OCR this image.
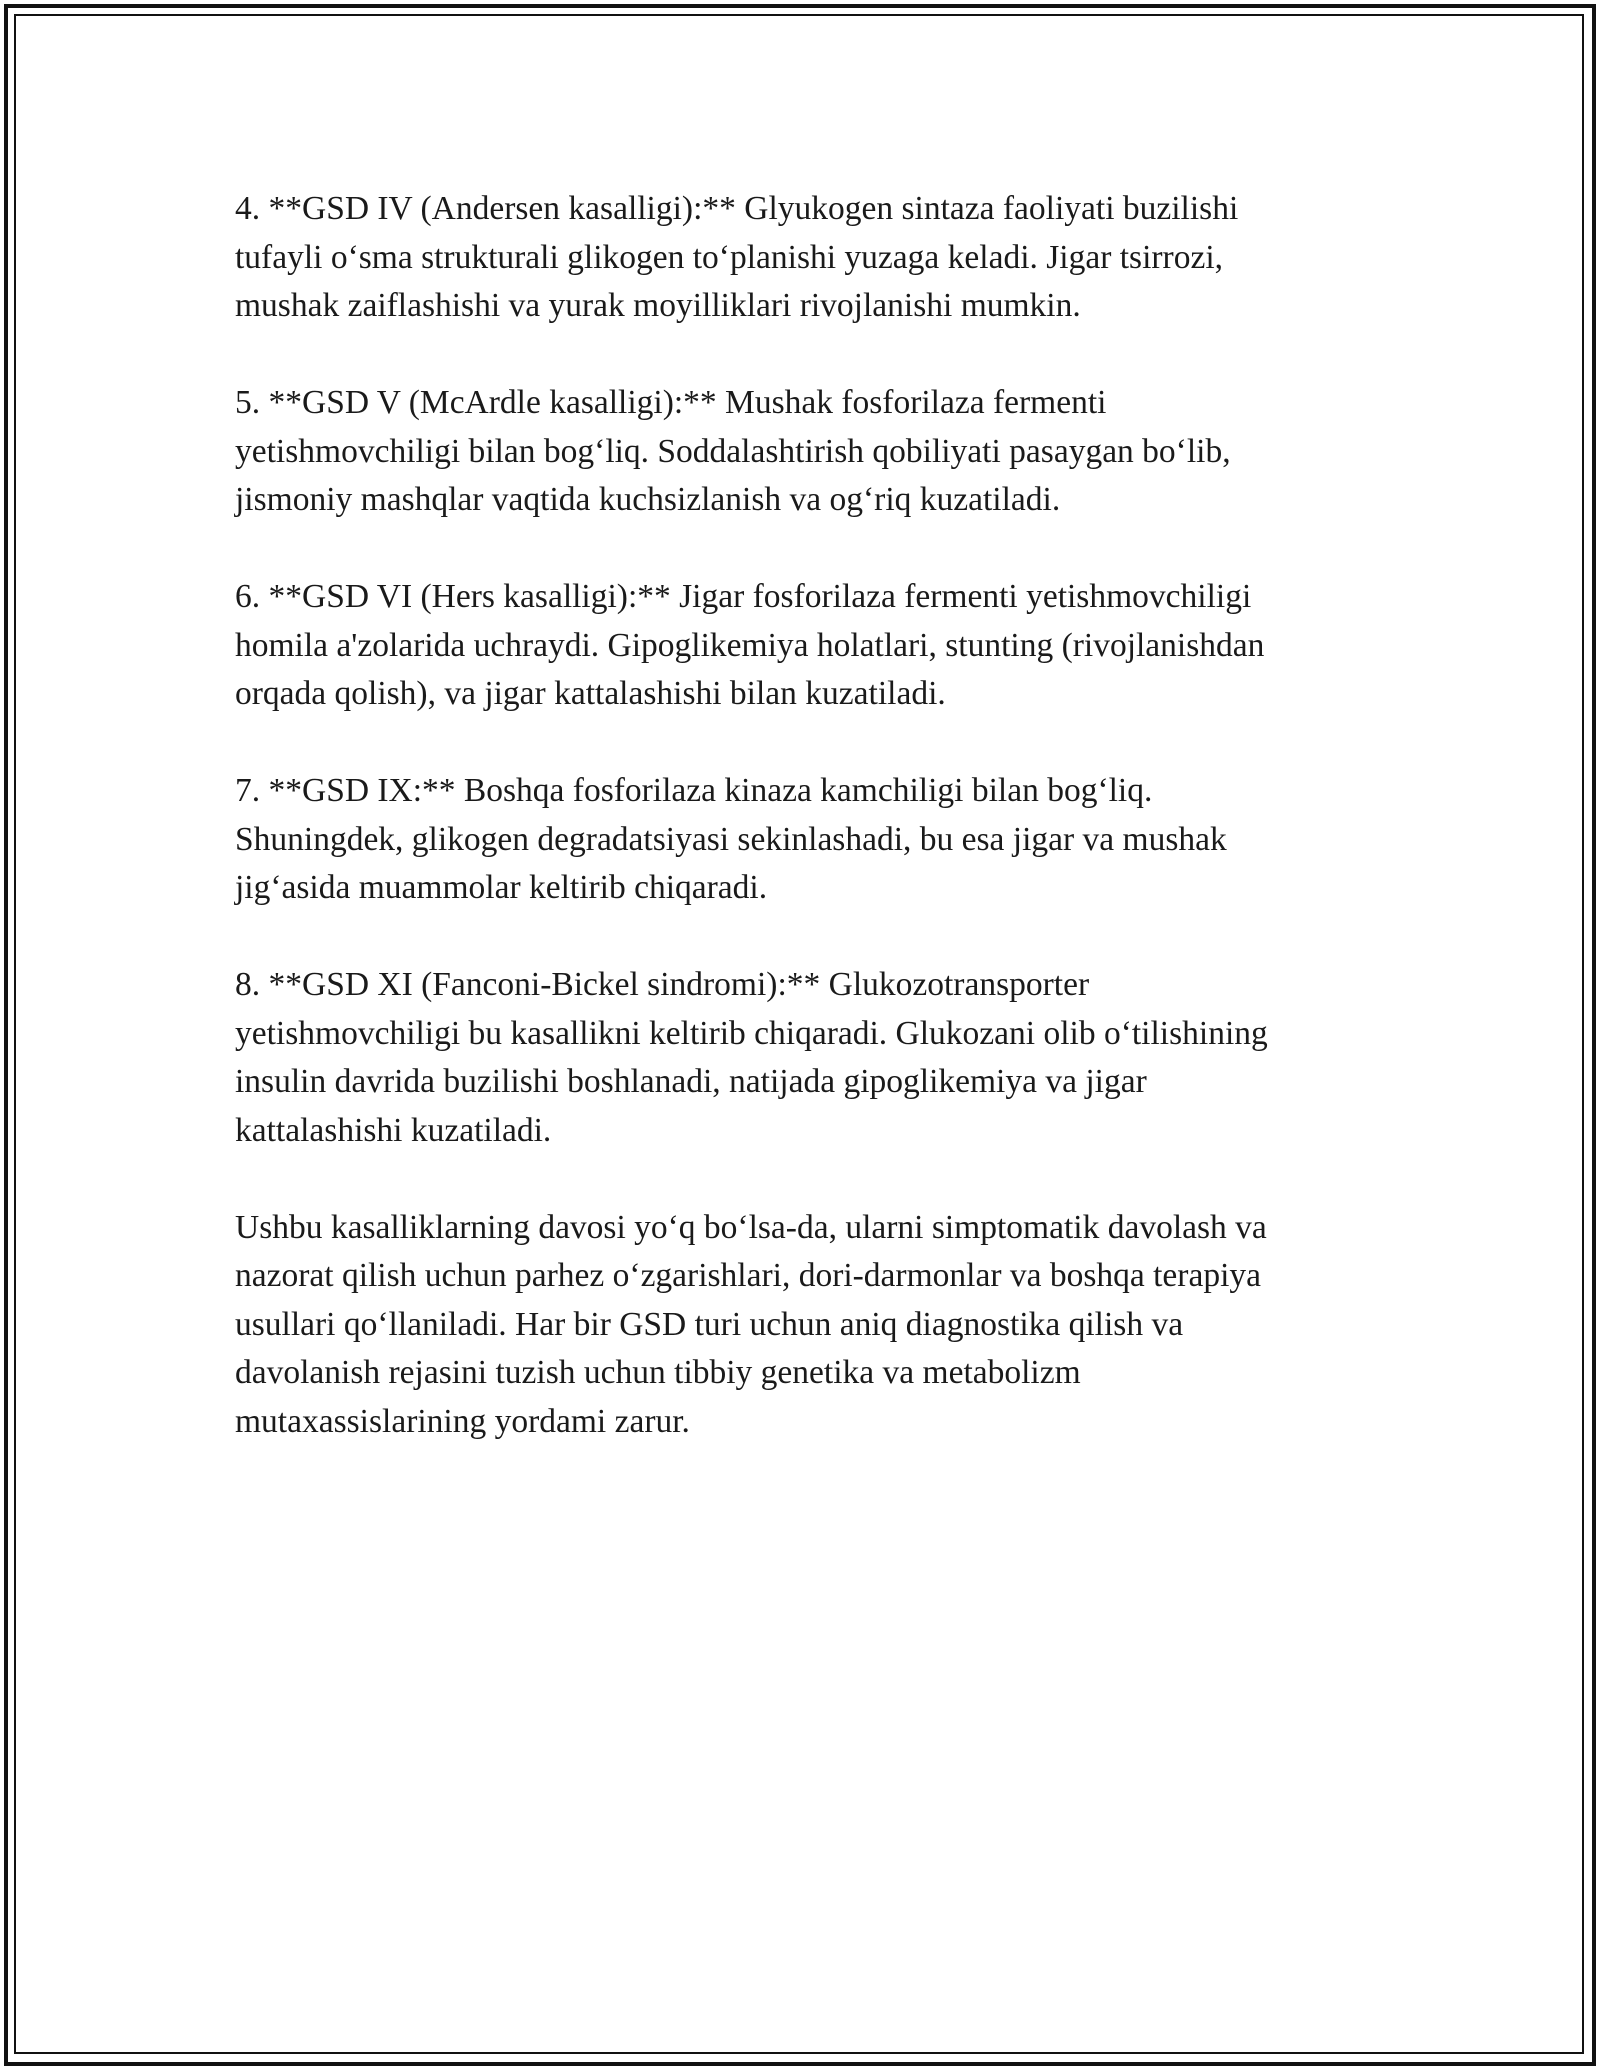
4. **GSD IV (Andersen kasalligi):** Glyukogen sintaza faoliyati buzilishi
tufayli o‘sma strukturali glikogen to‘planishi yuzaga keladi. Jigar tsirrozi,
mushak zaiflashishi va yurak moyilliklari rivojlanishi mumkin.

5. **GSD V (McArdle kasalligi):** Mushak fosforilaza fermenti
yetishmovchiligi bilan bog‘liq. Soddalashtirish qobiliyati pasaygan bo‘lib,
jismoniy mashqlar vaqtida kuchsizlanish va og‘riq kuzatiladi.

6. **GSD VI (Hers kasalligi):** Jigar fosforilaza fermenti yetishmovchiligi
homila a'zolarida uchraydi. Gipoglikemiya holatlari, stunting (rivojlanishdan
orqada qolish), va jigar kattalashishi bilan kuzatiladi.

7. **GSD IX:** Boshqa fosforilaza kinaza kamchiligi bilan bog‘liq.
Shuningdek, glikogen degradatsiyasi sekinlashadi, bu esa jigar va mushak
jig‘asida muammolar keltirib chiqaradi.

8. **GSD XI (Fanconi-Bickel sindromi):** Glukozotransporter
yetishmovchiligi bu kasallikni keltirib chiqaradi. Glukozani olib o‘tilishining
insulin davrida buzilishi boshlanadi, natijada gipoglikemiya va jigar
kattalashishi kuzatiladi.

Ushbu kasalliklarning davosi yo‘q bo‘lsa-da, ularni simptomatik davolash va
nazorat qilish uchun parhez o‘zgarishlari, dori-darmonlar va boshqa terapiya
usullari qo‘llaniladi. Har bir GSD turi uchun aniq diagnostika qilish va
davolanish rejasini tuzish uchun tibbiy genetika va metabolizm
mutaxassislarining yordami zarur.
